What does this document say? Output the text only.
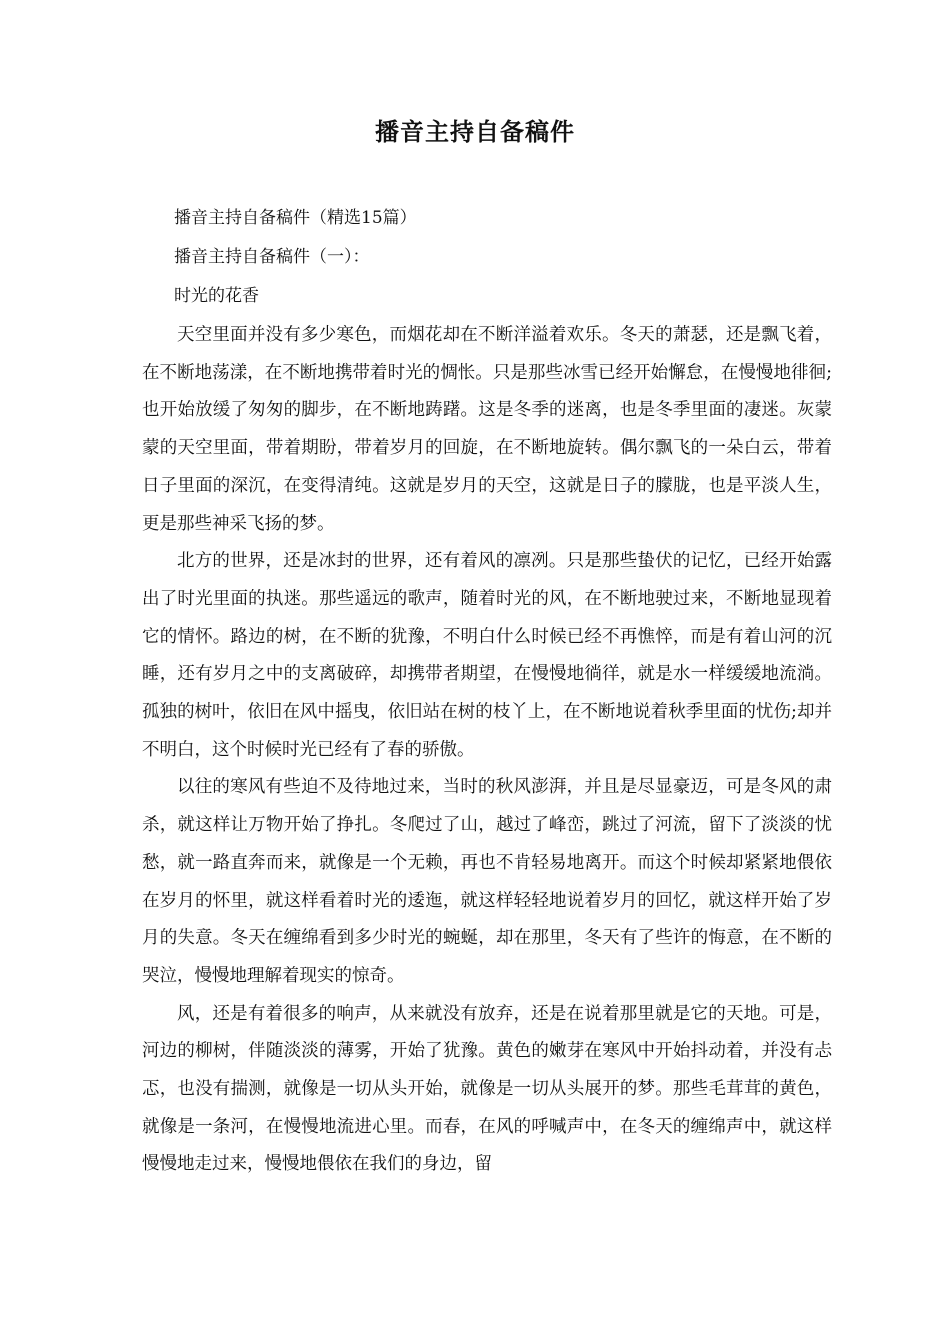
播音主持自备稿件

播音主持自备稿件（精选15篇）

播音主持自备稿件（一）：

时光的花香

天空里面并没有多少寒色，而烟花却在不断洋溢着欢乐。冬天的萧瑟，还是飘飞着，在不断地荡漾，在不断地携带着时光的惆怅。只是那些冰雪已经开始懈怠，在慢慢地徘徊;也开始放缓了匆匆的脚步，在不断地踌躇。这是冬季的迷离，也是冬季里面的凄迷。灰蒙蒙的天空里面，带着期盼，带着岁月的回旋，在不断地旋转。偶尔飘飞的一朵白云，带着日子里面的深沉，在变得清纯。这就是岁月的天空，这就是日子的朦胧，也是平淡人生，更是那些神采飞扬的梦。

北方的世界，还是冰封的世界，还有着风的凛冽。只是那些蛰伏的记忆，已经开始露出了时光里面的执迷。那些遥远的歌声，随着时光的风，在不断地驶过来，不断地显现着它的情怀。路边的树，在不断的犹豫，不明白什么时候已经不再憔悴，而是有着山河的沉睡，还有岁月之中的支离破碎，却携带者期望，在慢慢地徜徉，就是水一样缓缓地流淌。孤独的树叶，依旧在风中摇曳，依旧站在树的枝丫上，在不断地说着秋季里面的忧伤;却并不明白，这个时候时光已经有了春的骄傲。

以往的寒风有些迫不及待地过来，当时的秋风澎湃，并且是尽显豪迈，可是冬风的肃杀，就这样让万物开始了挣扎。冬爬过了山，越过了峰峦，跳过了河流，留下了淡淡的忧愁，就一路直奔而来，就像是一个无赖，再也不肯轻易地离开。而这个时候却紧紧地偎依在岁月的怀里，就这样看着时光的逶迤，就这样轻轻地说着岁月的回忆，就这样开始了岁月的失意。冬天在缠绵看到多少时光的蜿蜒，却在那里，冬天有了些许的悔意，在不断的哭泣，慢慢地理解着现实的惊奇。

风，还是有着很多的响声，从来就没有放弃，还是在说着那里就是它的天地。可是，河边的柳树，伴随淡淡的薄雾，开始了犹豫。黄色的嫩芽在寒风中开始抖动着，并没有忐忑，也没有揣测，就像是一切从头开始，就像是一切从头展开的梦。那些毛茸茸的黄色，就像是一条河，在慢慢地流进心里。而春，在风的呼喊声中，在冬天的缠绵声中，就这样慢慢地走过来，慢慢地偎依在我们的身边，留
